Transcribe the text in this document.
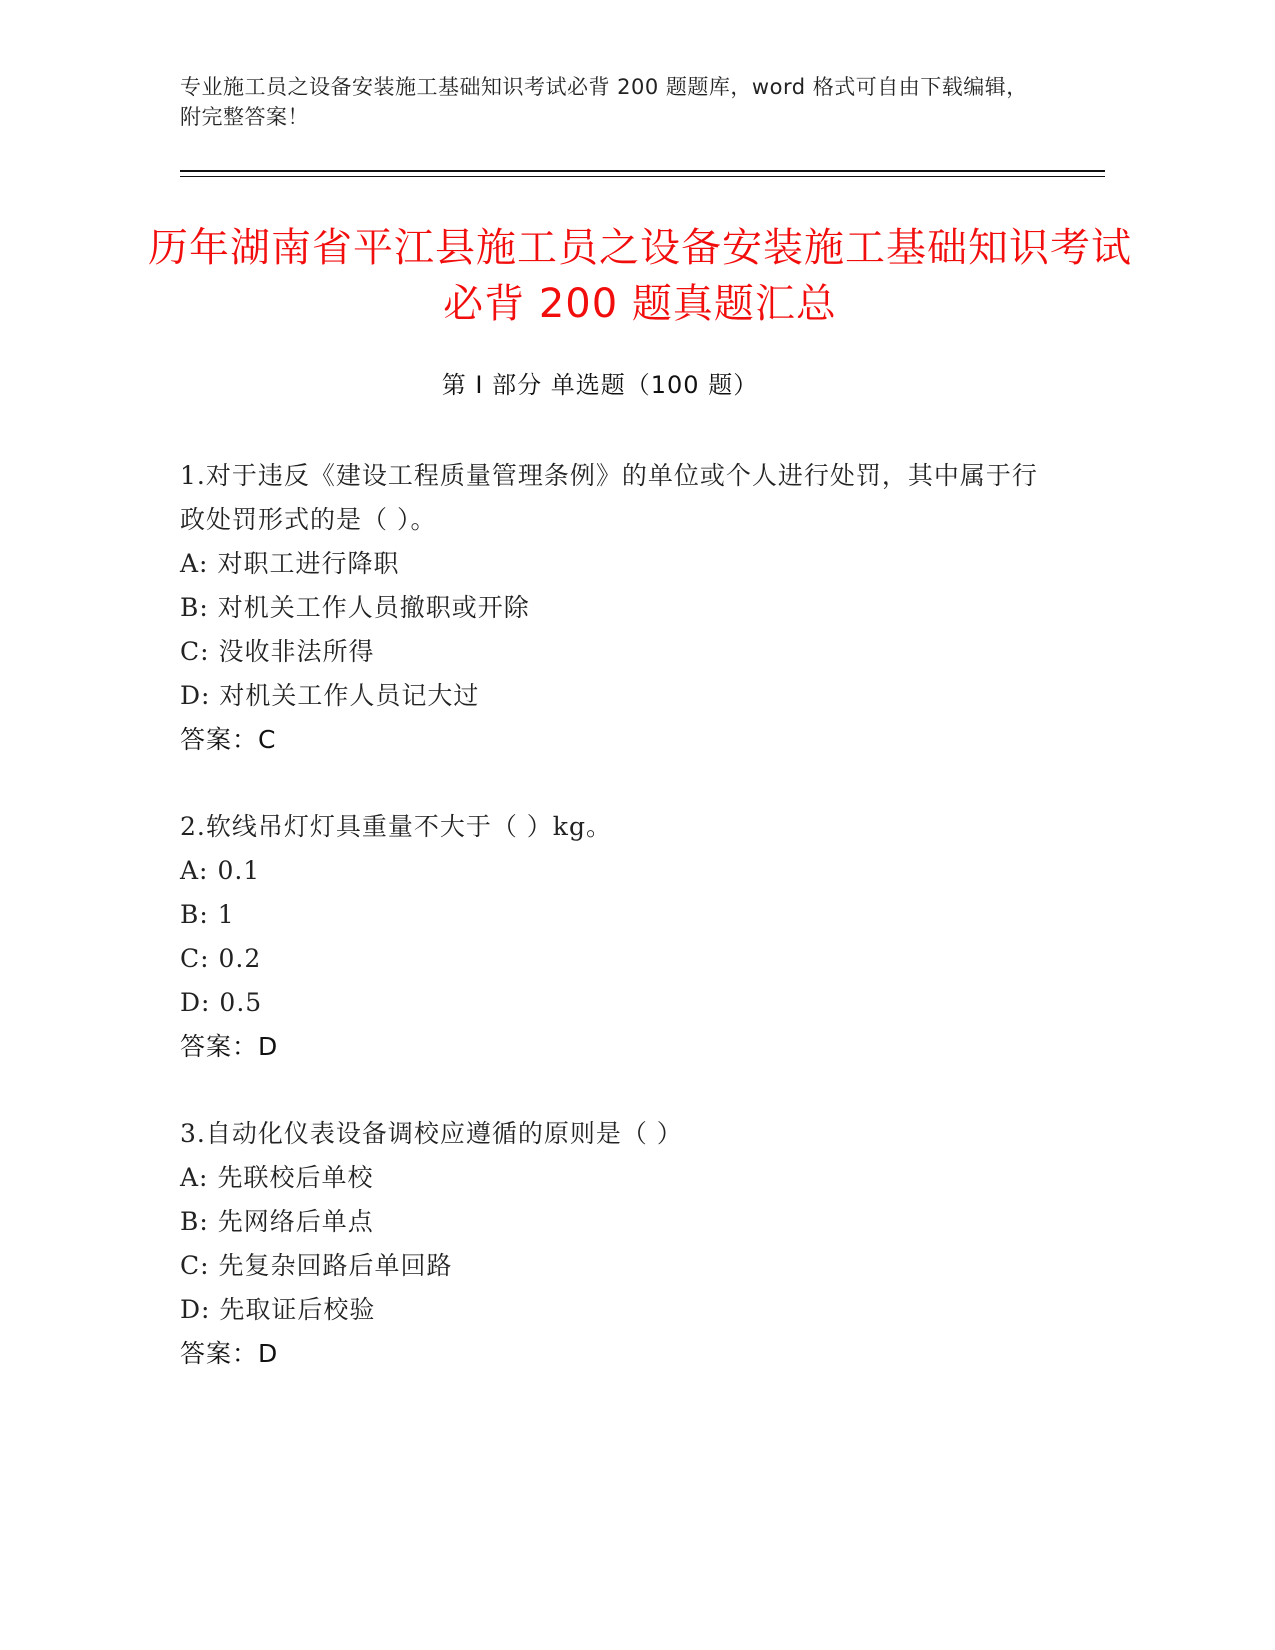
专业施工员之设备安装施工基础知识考试必背 200 题题库，word 格式可自由下载编辑，附完整答案！
历年湖南省平江县施工员之设备安装施工基础知识考试必背 200 题真题汇总
第 I 部分 单选题（100 题）

1.对于违反《建设工程质量管理条例》的单位或个人进行处罚，其中属于行政处罚形式的是（ ）。

A: 对职工进行降职

B: 对机关工作人员撤职或开除

C: 没收非法所得

D: 对机关工作人员记大过

答案：C

2.软线吊灯灯具重量不大于（ ）kg。

A: 0.1

B: 1

C: 0.2

D: 0.5

答案：D

3.自动化仪表设备调校应遵循的原则是（ ）

A: 先联校后单校

B: 先网络后单点

C: 先复杂回路后单回路

D: 先取证后校验

答案：D
